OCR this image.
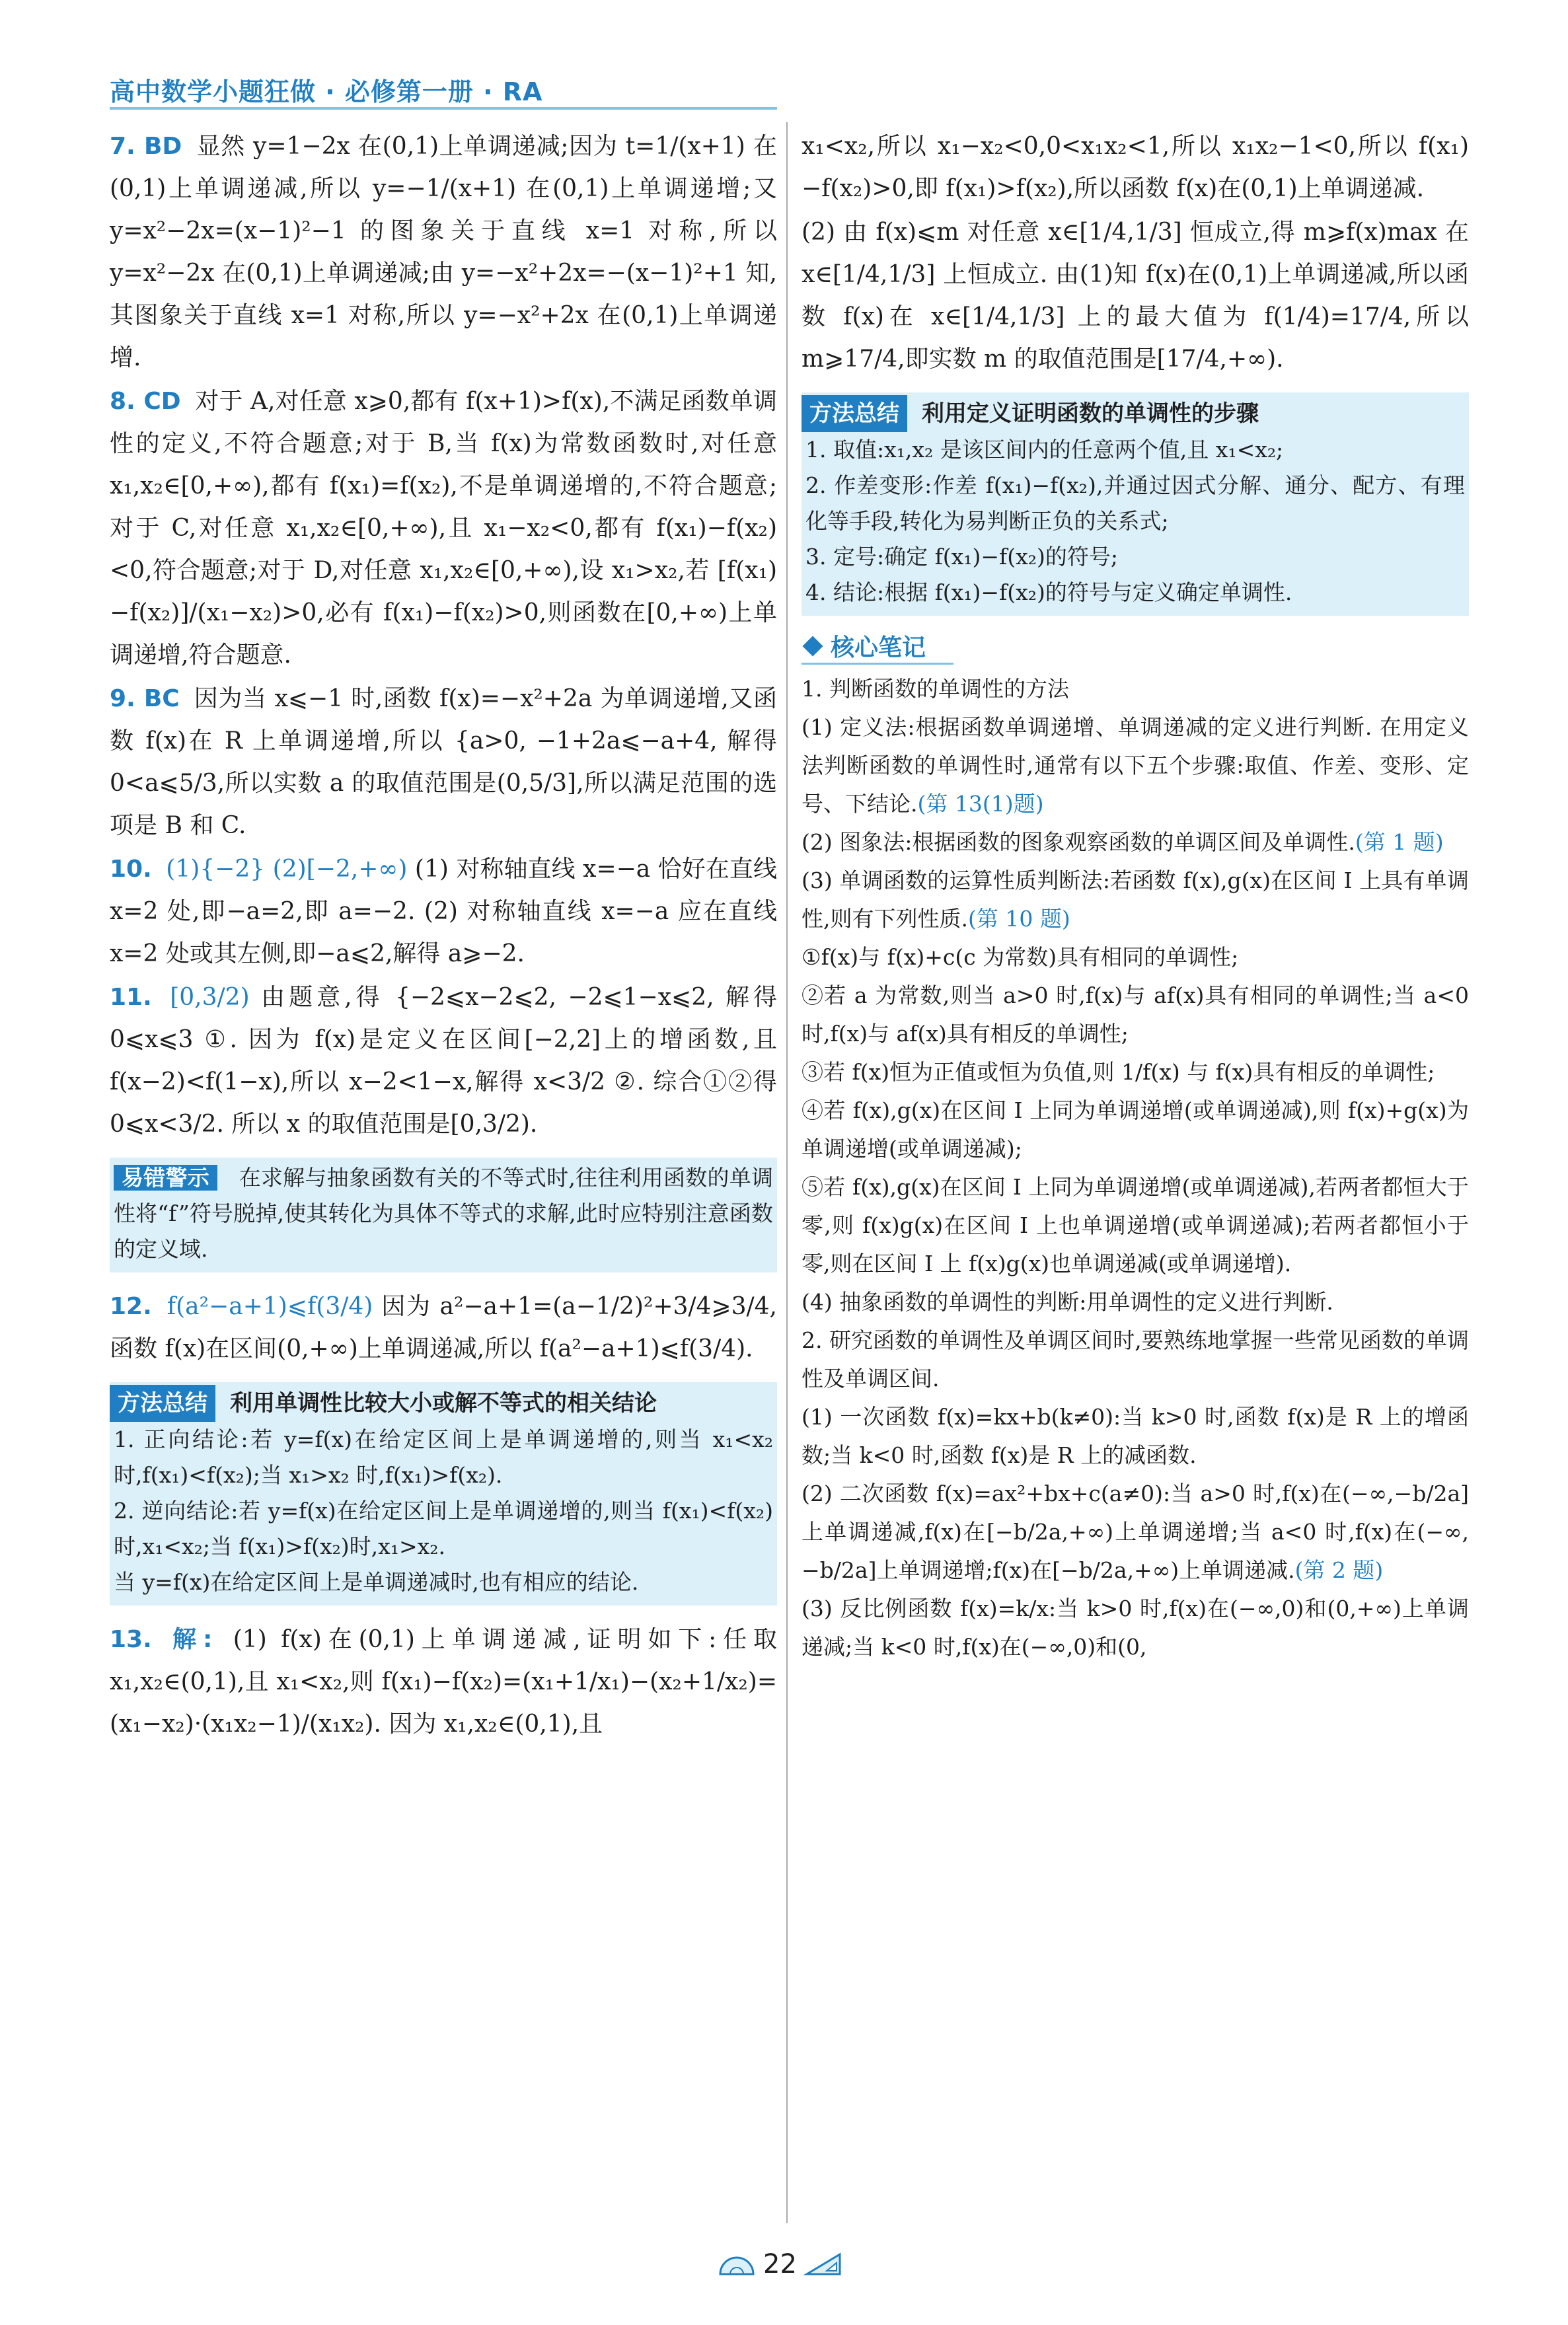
高中数学小题狂做 · 必修第一册 · RA

7. BD 显然 y=1−2x 在(0,1)上单调递减;因为 t=1/(x+1) 在(0,1)上单调递减,所以 y=−1/(x+1) 在(0,1)上单调递增;又 y=x²−2x=(x−1)²−1 的图象关于直线 x=1 对称,所以 y=x²−2x 在(0,1)上单调递减;由 y=−x²+2x=−(x−1)²+1 知,其图象关于直线 x=1 对称,所以 y=−x²+2x 在(0,1)上单调递增.

8. CD 对于 A,对任意 x⩾0,都有 f(x+1)>f(x),不满足函数单调性的定义,不符合题意;对于 B,当 f(x)为常数函数时,对任意 x₁,x₂∈[0,+∞),都有 f(x₁)=f(x₂),不是单调递增的,不符合题意;对于 C,对任意 x₁,x₂∈[0,+∞),且 x₁−x₂<0,都有 f(x₁)−f(x₂)<0,符合题意;对于 D,对任意 x₁,x₂∈[0,+∞),设 x₁>x₂,若 [f(x₁)−f(x₂)]/(x₁−x₂)>0,必有 f(x₁)−f(x₂)>0,则函数在[0,+∞)上单调递增,符合题意.

9. BC 因为当 x⩽−1 时,函数 f(x)=−x²+2a 为单调递增,又函数 f(x)在 R 上单调递增,所以 {a>0, −1+2a⩽−a+4, 解得 0<a⩽5/3,所以实数 a 的取值范围是(0,5/3],所以满足范围的选项是 B 和 C.

10. (1){−2} (2)[−2,+∞) (1) 对称轴直线 x=−a 恰好在直线 x=2 处,即−a=2,即 a=−2. (2) 对称轴直线 x=−a 应在直线 x=2 处或其左侧,即−a⩽2,解得 a⩾−2.

11. [0,3/2) 由题意,得 {−2⩽x−2⩽2, −2⩽1−x⩽2, 解得 0⩽x⩽3 ①. 因为 f(x)是定义在区间[−2,2]上的增函数,且 f(x−2)<f(1−x),所以 x−2<1−x,解得 x<3/2 ②. 综合①②得 0⩽x<3/2. 所以 x 的取值范围是[0,3/2).

易错警示 在求解与抽象函数有关的不等式时,往往利用函数的单调性将“f”符号脱掉,使其转化为具体不等式的求解,此时应特别注意函数的定义域.

12. f(a²−a+1)⩽f(3/4) 因为 a²−a+1=(a−1/2)²+3/4⩾3/4,函数 f(x)在区间(0,+∞)上单调递减,所以 f(a²−a+1)⩽f(3/4).

方法总结	利用单调性比较大小或解不等式的相关结论
1. 正向结论:若 y=f(x)在给定区间上是单调递增的,则当 x₁<x₂ 时,f(x₁)<f(x₂);当 x₁>x₂ 时,f(x₁)>f(x₂).
2. 逆向结论:若 y=f(x)在给定区间上是单调递增的,则当 f(x₁)<f(x₂)时,x₁<x₂;当 f(x₁)>f(x₂)时,x₁>x₂.
当 y=f(x)在给定区间上是单调递减时,也有相应的结论.

13. 解: (1) f(x)在(0,1)上单调递减,证明如下:任取 x₁,x₂∈(0,1),且 x₁<x₂,则 f(x₁)−f(x₂)=(x₁+1/x₁)−(x₂+1/x₂)=(x₁−x₂)·(x₁x₂−1)/(x₁x₂). 因为 x₁,x₂∈(0,1),且

x₁<x₂,所以 x₁−x₂<0,0<x₁x₂<1,所以 x₁x₂−1<0,所以 f(x₁)−f(x₂)>0,即 f(x₁)>f(x₂),所以函数 f(x)在(0,1)上单调递减.

(2) 由 f(x)⩽m 对任意 x∈[1/4,1/3] 恒成立,得 m⩾f(x)max 在 x∈[1/4,1/3] 上恒成立. 由(1)知 f(x)在(0,1)上单调递减,所以函数 f(x)在 x∈[1/4,1/3] 上的最大值为 f(1/4)=17/4,所以 m⩾17/4,即实数 m 的取值范围是[17/4,+∞).

方法总结	利用定义证明函数的单调性的步骤
1. 取值:x₁,x₂ 是该区间内的任意两个值,且 x₁<x₂;
2. 作差变形:作差 f(x₁)−f(x₂),并通过因式分解、通分、配方、有理化等手段,转化为易判断正负的关系式;
3. 定号:确定 f(x₁)−f(x₂)的符号;
4. 结论:根据 f(x₁)−f(x₂)的符号与定义确定单调性.
核心笔记

1. 判断函数的单调性的方法

(1) 定义法:根据函数单调递增、单调递减的定义进行判断. 在用定义法判断函数的单调性时,通常有以下五个步骤:取值、作差、变形、定号、下结论.(第 13(1)题)

(2) 图象法:根据函数的图象观察函数的单调区间及单调性.(第 1 题)

(3) 单调函数的运算性质判断法:若函数 f(x),g(x)在区间 I 上具有单调性,则有下列性质.(第 10 题)

①f(x)与 f(x)+c(c 为常数)具有相同的单调性;

②若 a 为常数,则当 a>0 时,f(x)与 af(x)具有相同的单调性;当 a<0 时,f(x)与 af(x)具有相反的单调性;

③若 f(x)恒为正值或恒为负值,则 1/f(x) 与 f(x)具有相反的单调性;

④若 f(x),g(x)在区间 I 上同为单调递增(或单调递减),则 f(x)+g(x)为单调递增(或单调递减);

⑤若 f(x),g(x)在区间 I 上同为单调递增(或单调递减),若两者都恒大于零,则 f(x)g(x)在区间 I 上也单调递增(或单调递减);若两者都恒小于零,则在区间 I 上 f(x)g(x)也单调递减(或单调递增).

(4) 抽象函数的单调性的判断:用单调性的定义进行判断.

2. 研究函数的单调性及单调区间时,要熟练地掌握一些常见函数的单调性及单调区间.

(1) 一次函数 f(x)=kx+b(k≠0):当 k>0 时,函数 f(x)是 R 上的增函数;当 k<0 时,函数 f(x)是 R 上的减函数.

(2) 二次函数 f(x)=ax²+bx+c(a≠0):当 a>0 时,f(x)在(−∞,−b/2a]上单调递减,f(x)在[−b/2a,+∞)上单调递增;当 a<0 时,f(x)在(−∞,−b/2a]上单调递增;f(x)在[−b/2a,+∞)上单调递减.(第 2 题)

(3) 反比例函数 f(x)=k/x:当 k>0 时,f(x)在(−∞,0)和(0,+∞)上单调递减;当 k<0 时,f(x)在(−∞,0)和(0,

22
